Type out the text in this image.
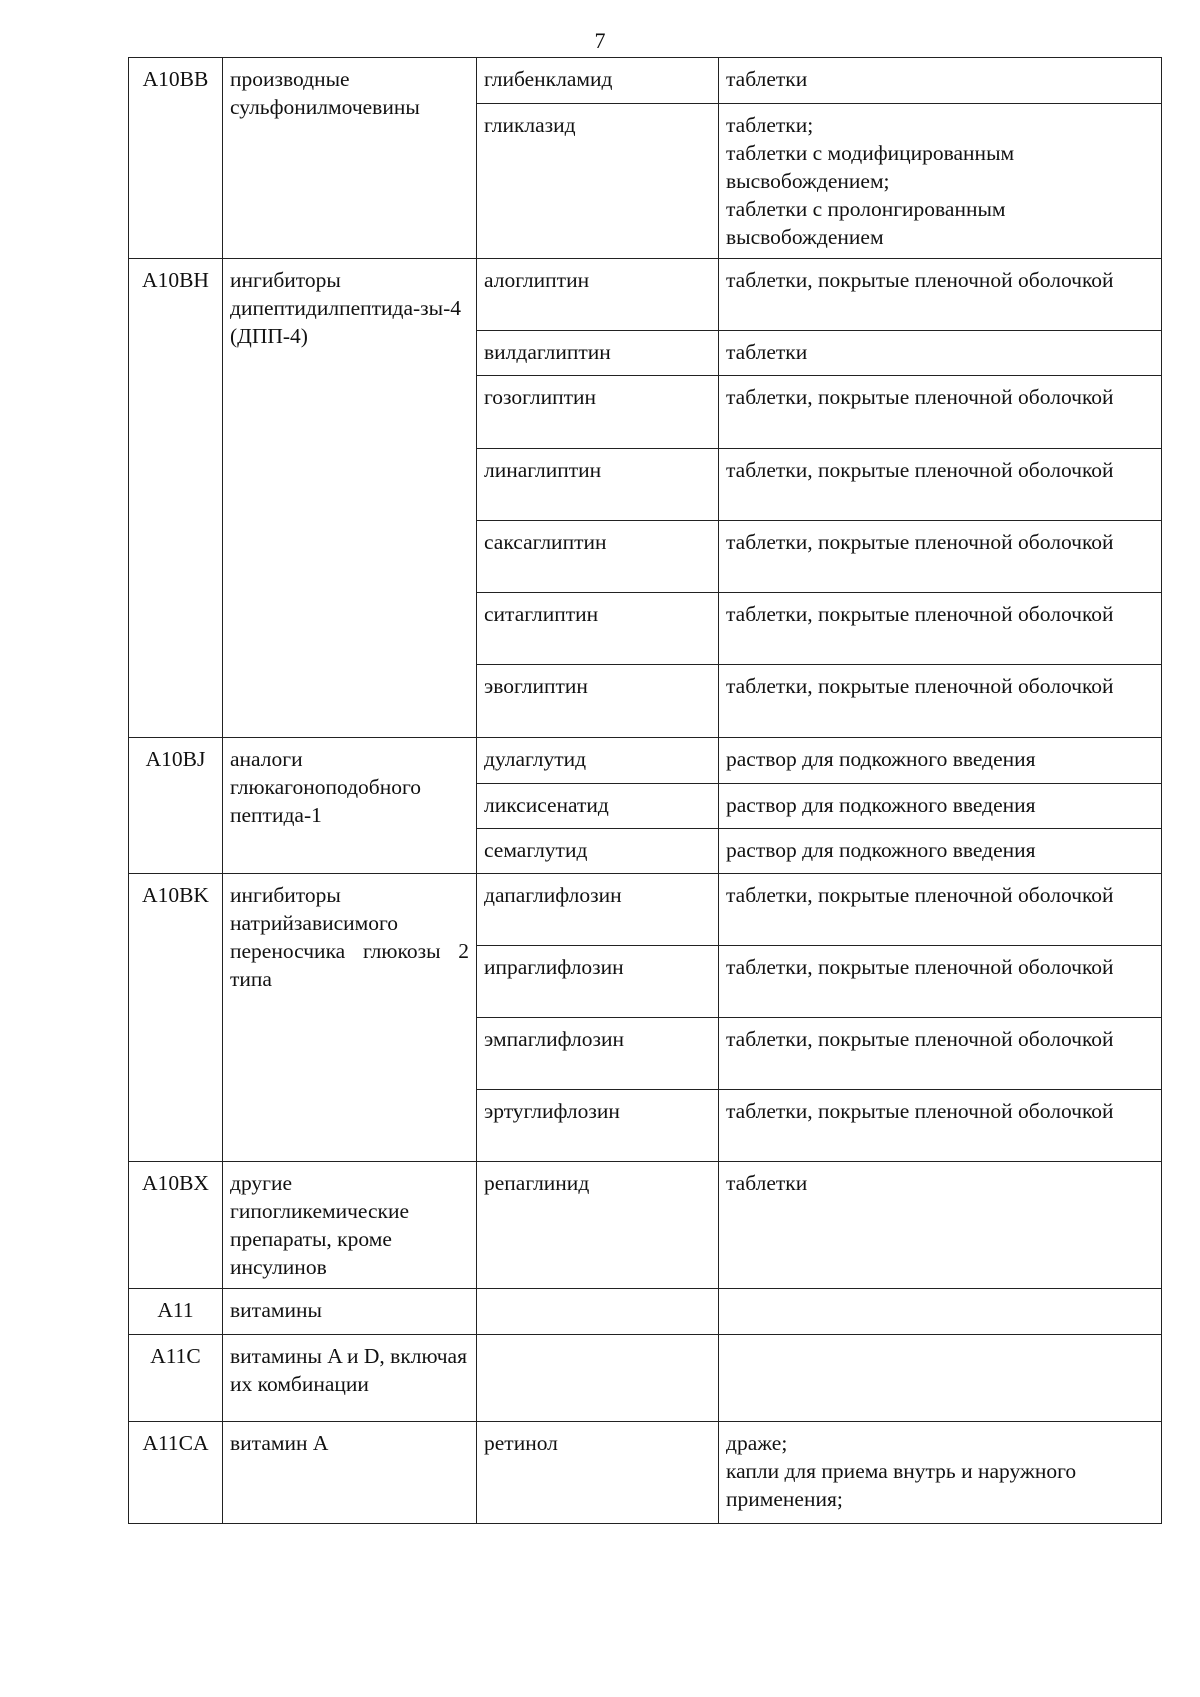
7
A10BB	производные сульфонилмочевины	глибенкламид	таблетки
		гликлазид	таблетки;
таблетки с модифицированным высвобождением;
таблетки с пролонгированным высвобождением
A10BH	ингибиторы дипептидилпептида-зы-4 (ДПП-4)	алоглиптин	таблетки, покрытые пленочной оболочкой
		вилдаглиптин	таблетки
		гозоглиптин	таблетки, покрытые пленочной оболочкой
		линаглиптин	таблетки, покрытые пленочной оболочкой
		саксаглиптин	таблетки, покрытые пленочной оболочкой
		ситаглиптин	таблетки, покрытые пленочной оболочкой
		эвоглиптин	таблетки, покрытые пленочной оболочкой
A10BJ	аналоги глюкагоноподобного пептида-1	дулаглутид	раствор для подкожного введения
		ликсисенатид	раствор для подкожного введения
		семаглутид	раствор для подкожного введения
A10BK	ингибиторы натрийзависимого переносчика глюкозы 2 типа	дапаглифлозин	таблетки, покрытые пленочной оболочкой
		ипраглифлозин	таблетки, покрытые пленочной оболочкой
		эмпаглифлозин	таблетки, покрытые пленочной оболочкой
		эртуглифлозин	таблетки, покрытые пленочной оболочкой
A10BX	другие гипогликемические препараты, кроме инсулинов	репаглинид	таблетки
A11	витамины		
A11C	витамины A и D, включая их комбинации		
A11CA	витамин A	ретинол	драже;
капли для приема внутрь и наружного применения;
